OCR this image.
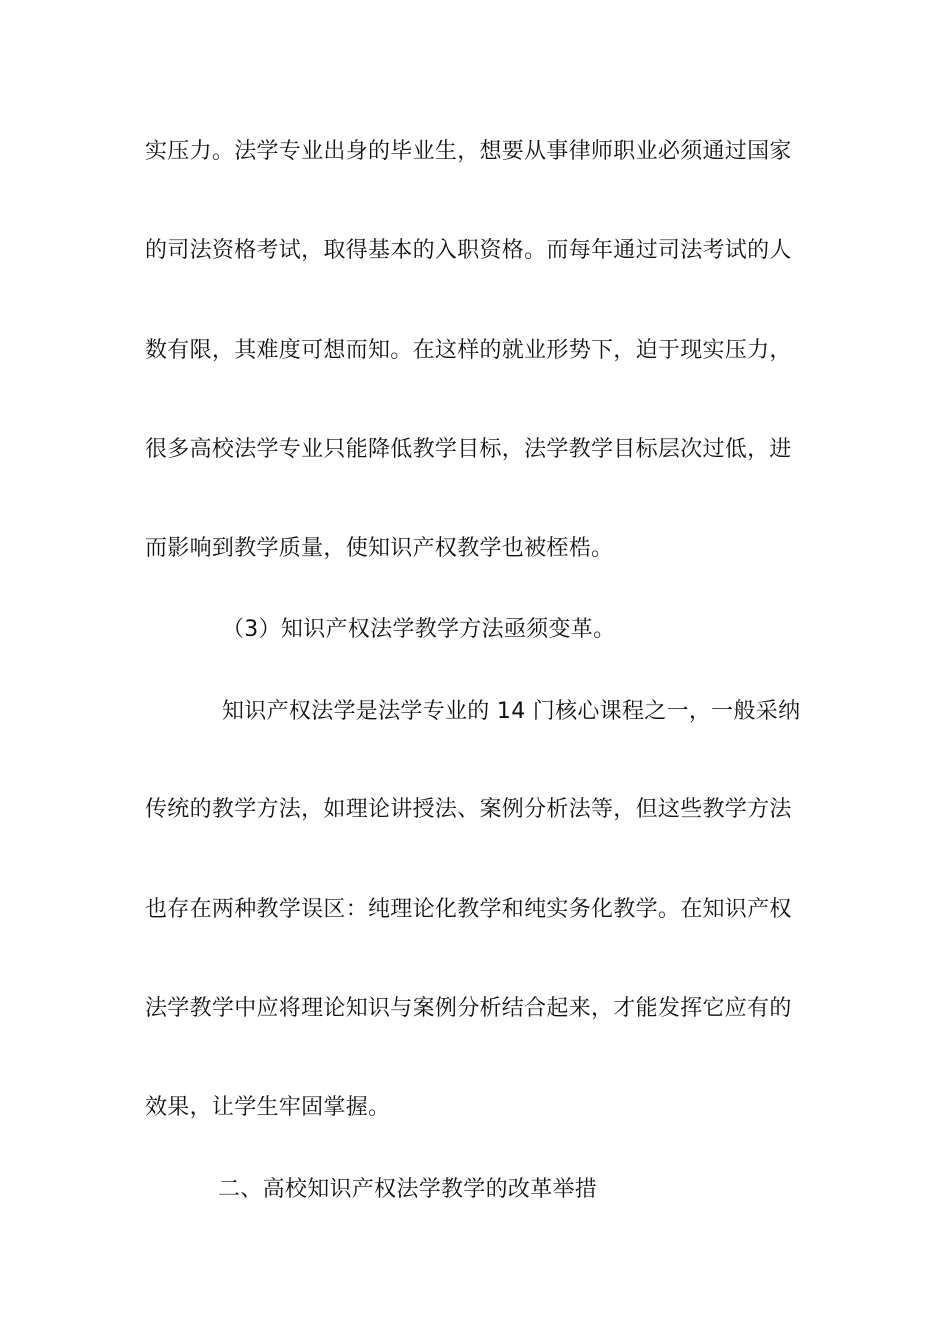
实压力。法学专业出身的毕业生，想要从事律师职业必须通过国家
的司法资格考试，取得基本的入职资格。而每年通过司法考试的人
数有限，其难度可想而知。在这样的就业形势下，迫于现实压力，
很多高校法学专业只能降低教学目标，法学教学目标层次过低，进
而影响到教学质量，使知识产权教学也被桎梏。
（3）知识产权法学教学方法亟须变革。
知识产权法学是法学专业的 14 门核心课程之一，一般采纳
传统的教学方法，如理论讲授法、案例分析法等，但这些教学方法
也存在两种教学误区：纯理论化教学和纯实务化教学。在知识产权
法学教学中应将理论知识与案例分析结合起来，才能发挥它应有的
效果，让学生牢固掌握。
二、高校知识产权法学教学的改革举措
